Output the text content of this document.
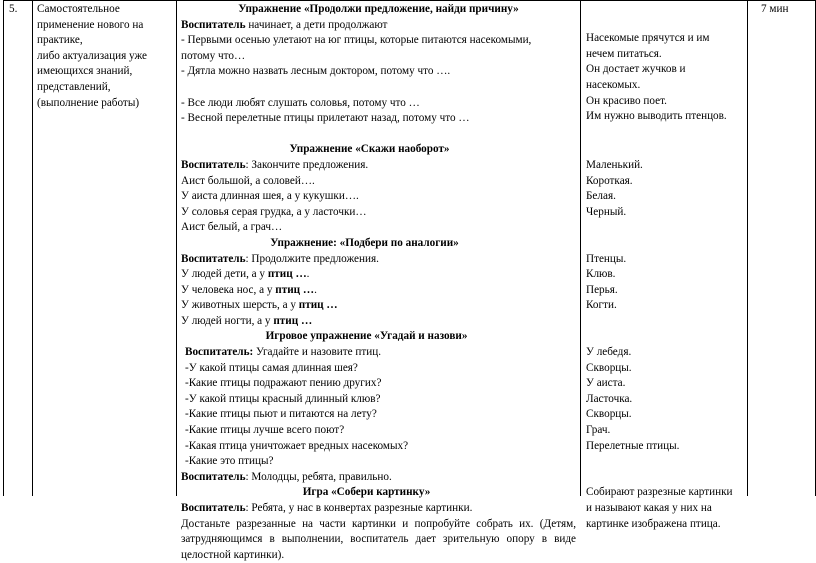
5. Самостоятельное
применение нового на
практике,
либо актуализация уже
имеющихся знаний,
представлений,
(выполнение работы)
7 мин
Упражнение «Продолжи предложение, найди причину»
Воспитатель начинает, а дети продолжают
- Первыми осенью улетают на юг птицы, которые питаются насекомыми,
потому что…
- Дятла можно назвать лесным доктором, потому что ….
- Все люди любят слушать соловья, потому что …
- Весной перелетные птицы прилетают назад, потому что …
Упражнение «Скажи наоборот»
Воспитатель: Закончите предложения.
Аист большой, а соловей….
У аиста длинная шея, а у кукушки….
У соловья серая грудка, а у ласточки…
Аист белый, а грач…
Упражнение: «Подбери по аналогии»
Воспитатель: Продолжите предложения.
У людей дети, а у птиц ….
У человека нос, а у птиц ….
У животных шерсть, а у птиц …
У людей ногти, а у птиц …
Игровое упражнение «Угадай и назови»
Воспитатель: Угадайте и назовите птиц.
-У какой птицы самая длинная шея?
-Какие птицы подражают пению других?
-У какой птицы красный длинный клюв?
-Какие птицы пьют и питаются на лету?
-Какие птицы лучше всего поют?
-Какая птица уничтожает вредных насекомых?
-Какие это птицы?
Воспитатель: Молодцы, ребята, правильно.
Игра «Собери картинку»
Воспитатель: Ребята, у нас в конвертах разрезные картинки.
Достаньте разрезанные на части картинки и попробуйте собрать их. (Детям, затрудняющимся в выполнении, воспитатель дает зрительную опору в виде целостной картинки).
Насекомые прячутся и им
нечем питаться.
Он достает жучков и
насекомых.
Он красиво поет.
Им нужно выводить птенцов.
Маленький.
Короткая.
Белая.
Черный.
Птенцы.
Клюв.
Перья.
Когти.
У лебедя.
Скворцы.
У аиста.
Ласточка.
Скворцы.
Грач.
Перелетные птицы.
Собирают разрезные картинки
и называют какая у них на
картинке изображена птица.
